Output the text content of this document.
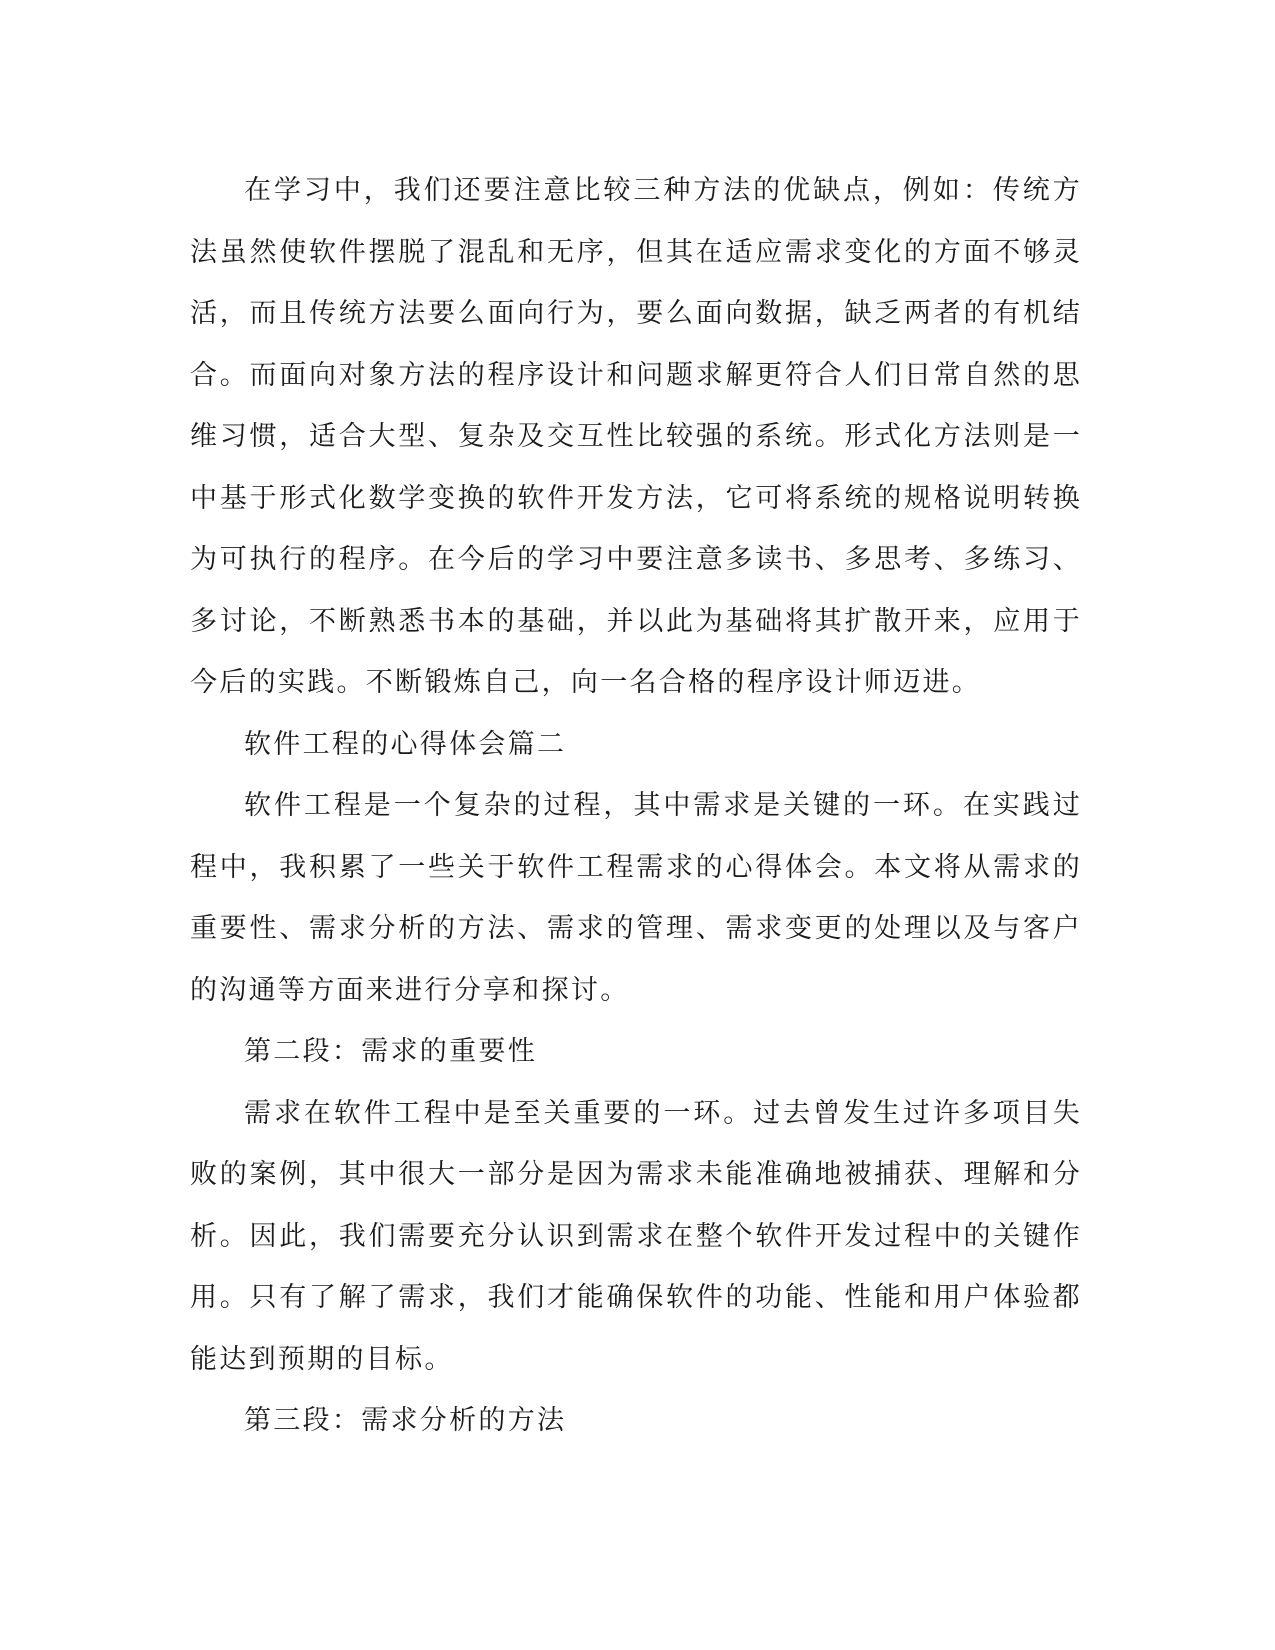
在学习中，我们还要注意比较三种方法的优缺点，例如：传统方法虽然使软件摆脱了混乱和无序，但其在适应需求变化的方面不够灵活，而且传统方法要么面向行为，要么面向数据，缺乏两者的有机结合。而面向对象方法的程序设计和问题求解更符合人们日常自然的思维习惯，适合大型、复杂及交互性比较强的系统。形式化方法则是一中基于形式化数学变换的软件开发方法，它可将系统的规格说明转换为可执行的程序。在今后的学习中要注意多读书、多思考、多练习、多讨论，不断熟悉书本的基础，并以此为基础将其扩散开来，应用于今后的实践。不断锻炼自己，向一名合格的程序设计师迈进。

软件工程的心得体会篇二

软件工程是一个复杂的过程，其中需求是关键的一环。在实践过程中，我积累了一些关于软件工程需求的心得体会。本文将从需求的重要性、需求分析的方法、需求的管理、需求变更的处理以及与客户的沟通等方面来进行分享和探讨。

第二段：需求的重要性

需求在软件工程中是至关重要的一环。过去曾发生过许多项目失败的案例，其中很大一部分是因为需求未能准确地被捕获、理解和分析。因此，我们需要充分认识到需求在整个软件开发过程中的关键作用。只有了解了需求，我们才能确保软件的功能、性能和用户体验都能达到预期的目标。

第三段：需求分析的方法
